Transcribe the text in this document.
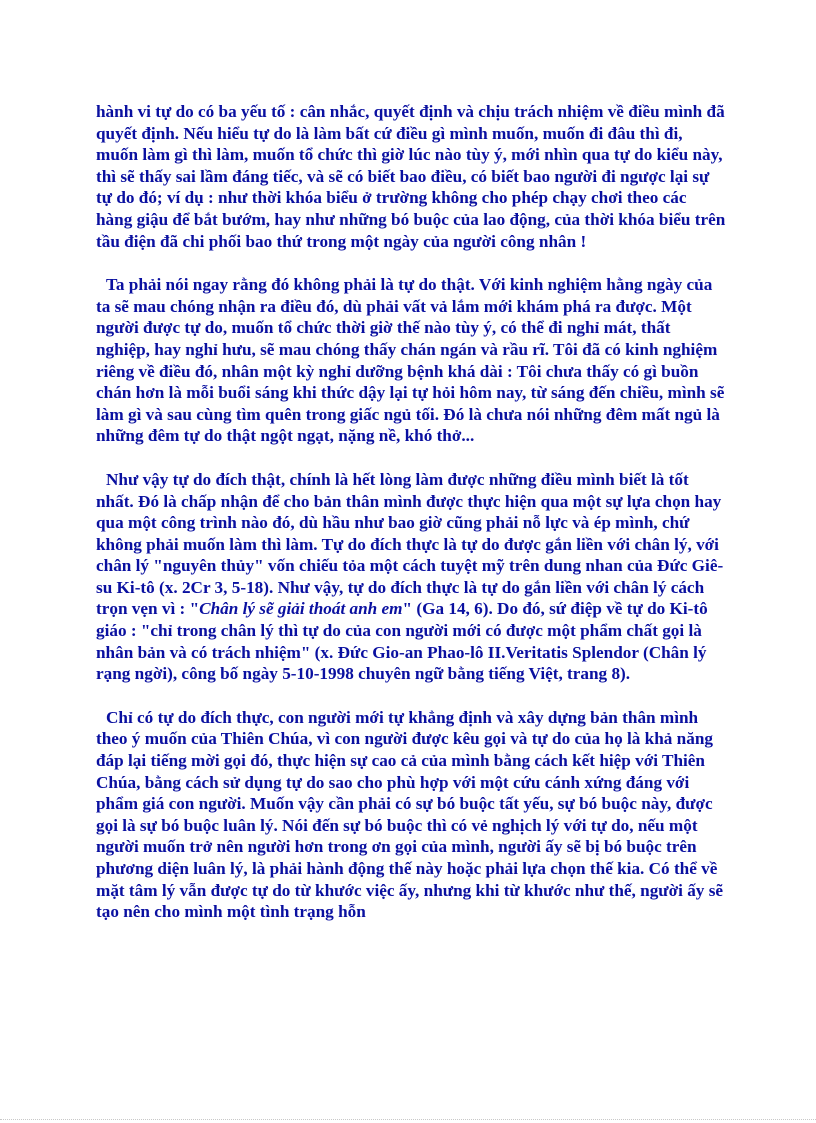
hành vi tự do có ba yếu tố : cân nhắc, quyết định và chịu trách nhiệm về điều mình đã quyết định. Nếu hiểu tự do là làm bất cứ điều gì mình muốn, muốn đi đâu thì đi, muốn làm gì thì làm, muốn tổ chức thì giờ lúc nào tùy ý, mới nhìn qua tự do kiểu này, thì sẽ thấy sai lầm đáng tiếc, và sẽ có biết bao điều, có biết bao người đi ngược lại sự tự do đó; ví dụ : như thời khóa biểu ở trường không cho phép chạy chơi theo các hàng giậu để bắt bướm, hay như những bó buộc của lao động, của thời khóa biểu trên tầu điện đã chi phối bao thứ trong một ngày của người công nhân !

Ta phải nói ngay rằng đó không phải là tự do thật. Với kinh nghiệm hằng ngày của ta sẽ mau chóng nhận ra điều đó, dù phải vất vả lắm mới khám phá ra được. Một người được tự do, muốn tổ chức thời giờ thế nào tùy ý, có thể đi nghỉ mát, thất nghiệp, hay nghỉ hưu, sẽ mau chóng thấy chán ngán và rầu rĩ. Tôi đã có kinh nghiệm riêng về điều đó, nhân một kỳ nghỉ dưỡng bệnh khá dài : Tôi chưa thấy có gì buồn chán hơn là mỗi buổi sáng khi thức dậy lại tự hỏi hôm nay, từ sáng đến chiều, mình sẽ làm gì và sau cùng tìm quên trong giấc ngủ tối. Đó là chưa nói những đêm mất ngủ là những đêm tự do thật ngột ngạt, nặng nề, khó thở...

Như vậy tự do đích thật, chính là hết lòng làm được những điều mình biết là tốt nhất. Đó là chấp nhận để cho bản thân mình được thực hiện qua một sự lựa chọn hay qua một công trình nào đó, dù hầu như bao giờ cũng phải nỗ lực và ép mình, chứ không phải muốn làm thì làm. Tự do đích thực là tự do được gắn liền với chân lý, với chân lý "nguyên thủy" vốn chiếu tỏa một cách tuyệt mỹ trên dung nhan của Đức Giê-su Ki-tô (x. 2Cr 3, 5-18). Như vậy, tự do đích thực là tự do gắn liền với chân lý cách trọn vẹn vì : "Chân lý sẽ giải thoát anh em" (Ga 14, 6). Do đó, sứ điệp về tự do Ki-tô giáo : "chỉ trong chân lý thì tự do của con người mới có được một phẩm chất gọi là nhân bản và có trách nhiệm" (x. Đức Gio-an Phao-lô II.Veritatis Splendor (Chân lý rạng ngời), công bố ngày 5-10-1998 chuyên ngữ bằng tiếng Việt, trang 8).

Chỉ có tự do đích thực, con người mới tự khẳng định và xây dựng bản thân mình theo ý muốn của Thiên Chúa, vì con người được kêu gọi và tự do của họ là khả năng đáp lại tiếng mời gọi đó, thực hiện sự cao cả của mình bằng cách kết hiệp với Thiên Chúa, bằng cách sử dụng tự do sao cho phù hợp với một cứu cánh xứng đáng với phẩm giá con người. Muốn vậy cần phải có sự bó buộc tất yếu, sự bó buộc này, được gọi là sự bó buộc luân lý. Nói đến sự bó buộc thì có vẻ nghịch lý với tự do, nếu một người muốn trở nên người hơn trong ơn gọi của mình, người ấy sẽ bị bó buộc trên phương diện luân lý, là phải hành động thế này hoặc phải lựa chọn thế kia. Có thể về mặt tâm lý vẫn được tự do từ khước việc ấy, nhưng khi từ khước như thế, người ấy sẽ tạo nên cho mình một tình trạng hỗn
